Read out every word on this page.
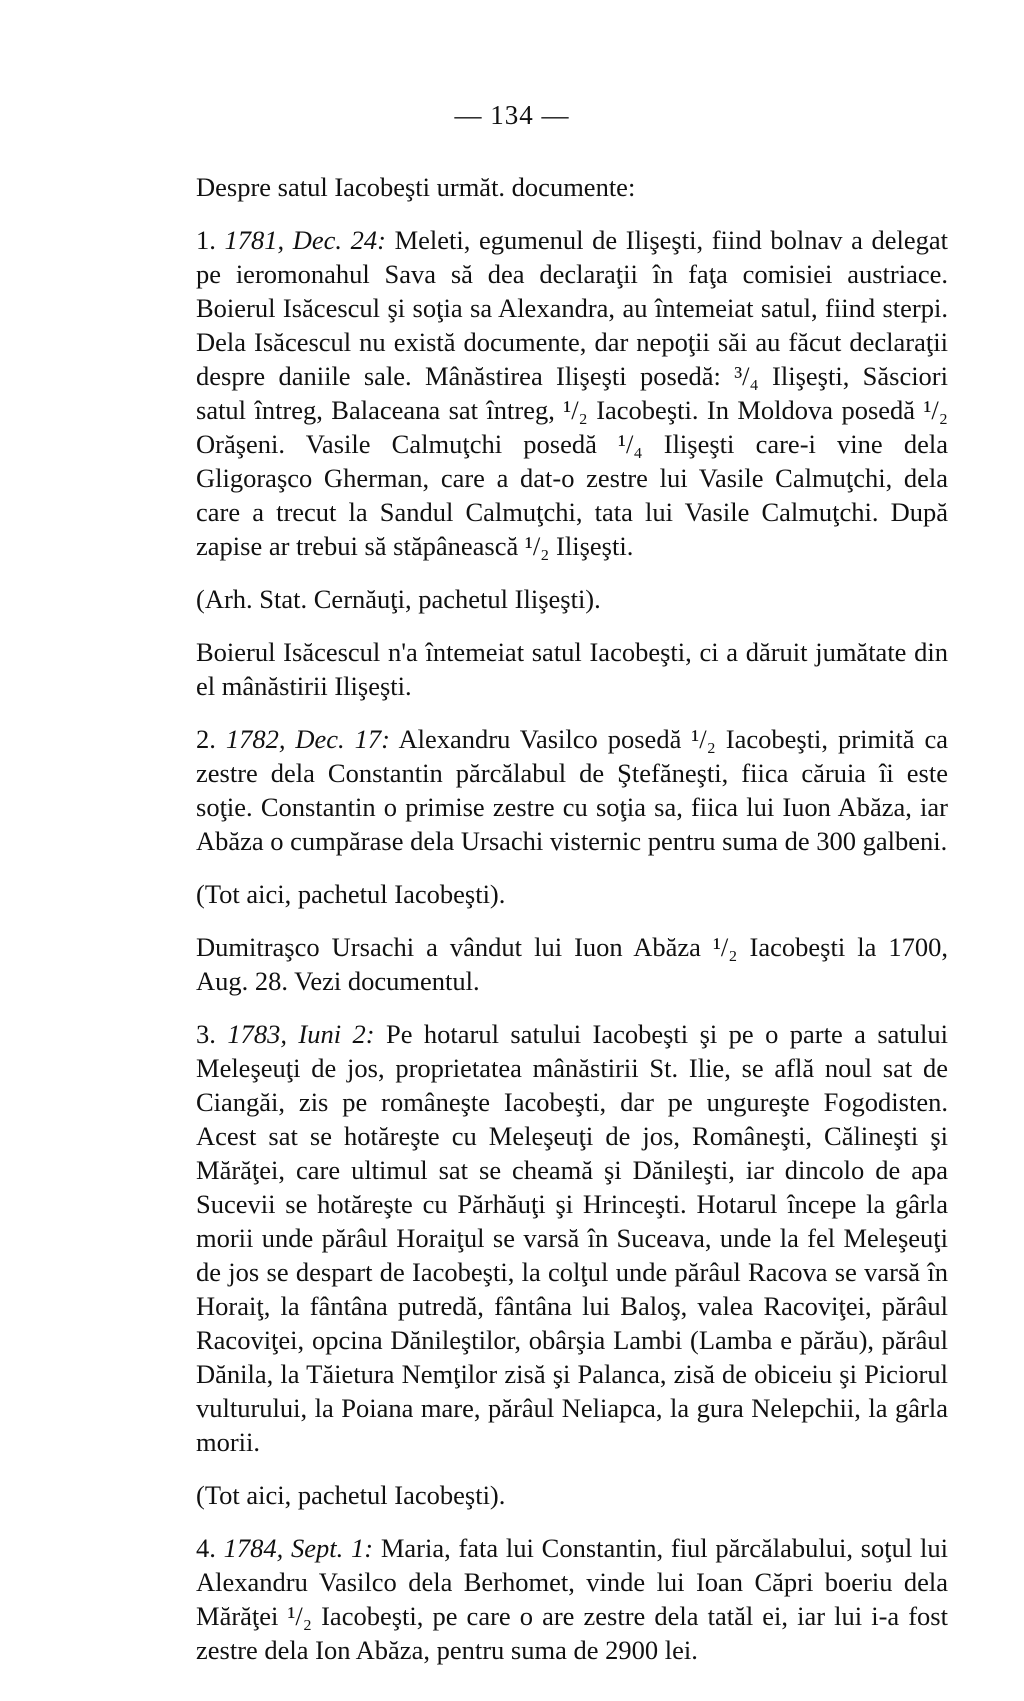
— 134 —

Despre satul Iacobeşti următ. documente:

1. 1781, Dec. 24: Meleti, egumenul de Ilişeşti, fiind bolnav a delegat pe ieromonahul Sava să dea declaraţii în faţa comisiei austriace. Boierul Isăcescul şi soţia sa Alexandra, au întemeiat satul, fiind sterpi. Dela Isăcescul nu există documente, dar nepoţii săi au făcut declaraţii despre daniile sale. Mânăstirea Ilişeşti posedă: ³/₄ Ilişeşti, Săsciori satul întreg, Balaceana sat întreg, ¹/₂ Iacobeşti. In Moldova posedă ¹/₂ Orăşeni. Vasile Calmuţchi posedă ¹/₄ Ilişeşti care-i vine dela Gligoraşco Gherman, care a dat-o zestre lui Vasile Calmuţchi, dela care a trecut la Sandul Calmuţchi, tata lui Vasile Calmuţchi. După zapise ar trebui să stăpânească ¹/₂ Ilişeşti.

(Arh. Stat. Cernăuţi, pachetul Ilişeşti).

Boierul Isăcescul n'a întemeiat satul Iacobeşti, ci a dăruit jumătate din el mânăstirii Ilişeşti.

2. 1782, Dec. 17: Alexandru Vasilco posedă ¹/₂ Iacobeşti, primită ca zestre dela Constantin părcălabul de Ştefăneşti, fiica căruia îi este soţie. Constantin o primise zestre cu soţia sa, fiica lui Iuon Abăza, iar Abăza o cumpărase dela Ursachi visternic pentru suma de 300 galbeni.

(Tot aici, pachetul Iacobeşti).

Dumitraşco Ursachi a vândut lui Iuon Abăza ¹/₂ Iacobeşti la 1700, Aug. 28. Vezi documentul.

3. 1783, Iuni 2: Pe hotarul satului Iacobeşti şi pe o parte a satului Meleşeuţi de jos, proprietatea mânăstirii St. Ilie, se află noul sat de Ciangăi, zis pe româneşte Iacobeşti, dar pe ungureşte Fogodisten. Acest sat se hotăreşte cu Meleşeuţi de jos, Româneşti, Călineşti şi Mărăţei, care ultimul sat se cheamă şi Dănileşti, iar dincolo de apa Sucevii se hotăreşte cu Părhăuţi şi Hrinceşti. Hotarul începe la gârla morii unde părâul Horaiţul se varsă în Suceava, unde la fel Meleşeuţi de jos se despart de Iacobeşti, la colţul unde părâul Racova se varsă în Horaiţ, la fântâna putredă, fântâna lui Baloş, valea Racoviţei, părâul Racoviţei, opcina Dănileştilor, obârşia Lambi (Lamba e părău), părâul Dănila, la Tăietura Nemţilor zisă şi Palanca, zisă de obiceiu şi Piciorul vulturului, la Poiana mare, părâul Neliapca, la gura Nelepchii, la gârla morii.

(Tot aici, pachetul Iacobeşti).

4. 1784, Sept. 1: Maria, fata lui Constantin, fiul părcălabului, soţul lui Alexandru Vasilco dela Berhomet, vinde lui Ioan Căpri boeriu dela Mărăţei ¹/₂ Iacobeşti, pe care o are zestre dela tatăl ei, iar lui i-a fost zestre dela Ion Abăza, pentru suma de 2900 lei.
